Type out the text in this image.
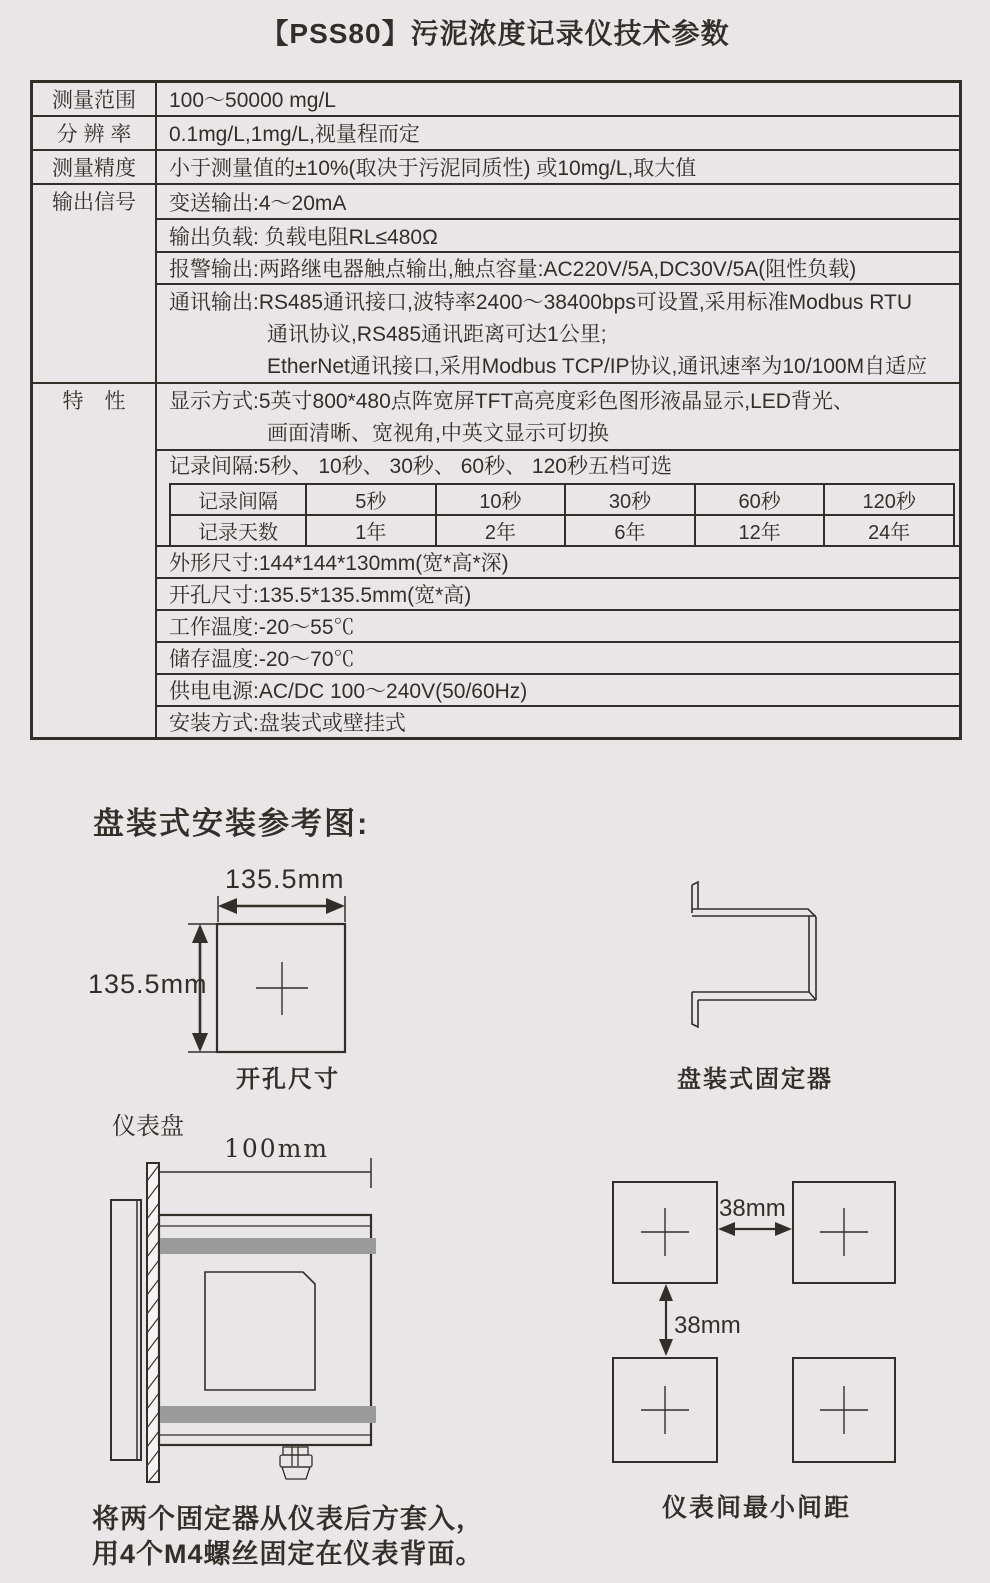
【PSS80】污泥浓度记录仪技术参数
测量范围	100～50000 mg/L
分 辨 率	0.1mg/L,1mg/L,视量程而定
测量精度	小于测量值的±10%(取决于污泥同质性) 或10mg/L,取大值
输出信号	变送输出:4～20mA
输出负载: 负载电阻RL≤480Ω
报警输出:两路继电器触点输出,触点容量:AC220V/5A,DC30V/5A(阻性负载)
通讯输出:RS485通讯接口,波特率2400～38400bps可设置,采用标准Modbus RTU
通讯协议,RS485通讯距离可达1公里;
EtherNet通讯接口,采用Modbus TCP/IP协议,通讯速率为10/100M自适应
特　性	显示方式:5英寸800*480点阵宽屏TFT高亮度彩色图形液晶显示,LED背光、
画面清晰、宽视角,中英文显示可切换
记录间隔:5秒、 10秒、 30秒、 60秒、 120秒五档可选
记录间隔	5秒	10秒	30秒	60秒	120秒
记录天数	1年	2年	6年	12年	24年
外形尺寸:144*144*130mm(宽*高*深)
开孔尺寸:135.5*135.5mm(宽*高)
工作温度:-20～55℃
储存温度:-20～70℃
供电电源:AC/DC 100～240V(50/60Hz)
安装方式:盘装式或壁挂式
盘装式安装参考图:
135.5mm
135.5mm
开孔尺寸	盘装式固定器
仪表盘
100mm
将两个固定器从仪表后方套入，
用4个M4螺丝固定在仪表背面。
38mm
38mm
仪表间最小间距
